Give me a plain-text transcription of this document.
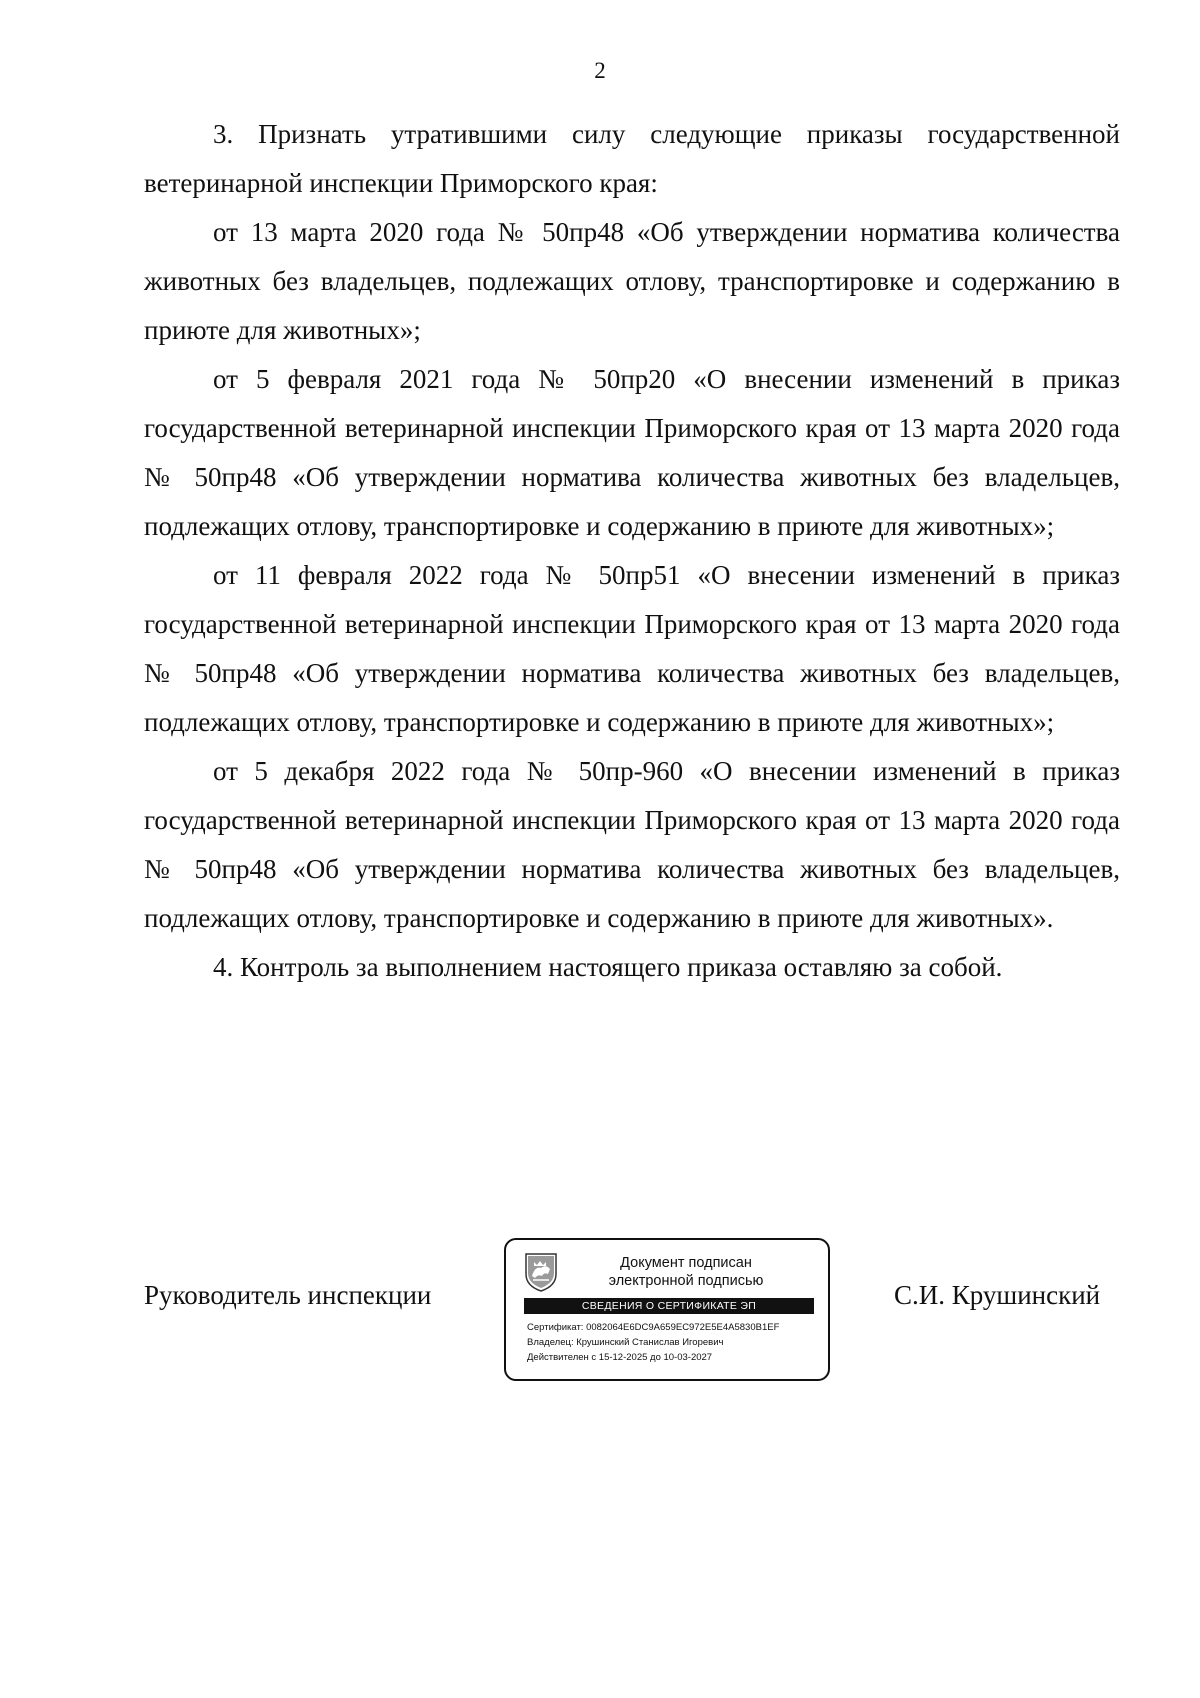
2

3. Признать утратившими силу следующие приказы государственной ветеринарной инспекции Приморского края:

от 13 марта 2020 года № 50пр48 «Об утверждении норматива количества животных без владельцев, подлежащих отлову, транспортировке и содержанию в приюте для животных»;

от 5 февраля 2021 года № 50пр20 «О внесении изменений в приказ государственной ветеринарной инспекции Приморского края от 13 марта 2020 года № 50пр48 «Об утверждении норматива количества животных без владельцев, подлежащих отлову, транспортировке и содержанию в приюте для животных»;

от 11 февраля 2022 года № 50пр51 «О внесении изменений в приказ государственной ветеринарной инспекции Приморского края от 13 марта 2020 года № 50пр48 «Об утверждении норматива количества животных без владельцев, подлежащих отлову, транспортировке и содержанию в приюте для животных»;

от 5 декабря 2022 года № 50пр-960 «О внесении изменений в приказ государственной ветеринарной инспекции Приморского края от 13 марта 2020 года № 50пр48 «Об утверждении норматива количества животных без владельцев, подлежащих отлову, транспортировке и содержанию в приюте для животных».

4. Контроль за выполнением настоящего приказа оставляю за собой.

Руководитель инспекции
Документ подписан
электронной подписью
СВЕДЕНИЯ О СЕРТИФИКАТЕ ЭП
Сертификат: 0082064E6DC9A659EC972E5E4A5830B1EF
Владелец: Крушинский Станислав Игоревич
Действителен с 15-12-2025 до 10-03-2027
С.И. Крушинский
